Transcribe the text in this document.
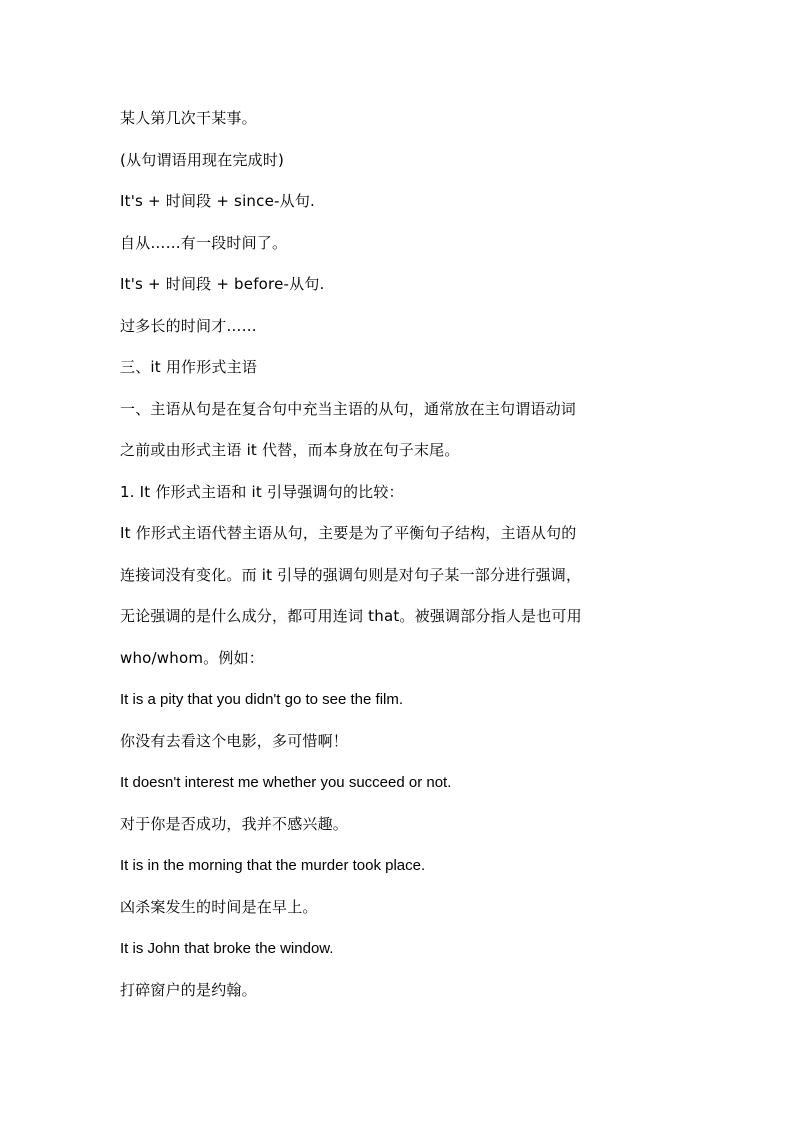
某人第几次干某事。
(从句谓语用现在完成时)
It's + 时间段 + since-从句.
自从……有一段时间了。
It's + 时间段 + before-从句.
过多长的时间才……
三、it 用作形式主语
一、主语从句是在复合句中充当主语的从句，通常放在主句谓语动词
之前或由形式主语 it 代替，而本身放在句子末尾。
1. It 作形式主语和 it 引导强调句的比较：
It 作形式主语代替主语从句，主要是为了平衡句子结构，主语从句的
连接词没有变化。而 it 引导的强调句则是对句子某一部分进行强调，
无论强调的是什么成分，都可用连词 that。被强调部分指人是也可用
who/whom。例如：
It is a pity that you didn't go to see the film.
你没有去看这个电影，多可惜啊！
It doesn't interest me whether you succeed or not.
对于你是否成功，我并不感兴趣。
It is in the morning that the murder took place.
凶杀案发生的时间是在早上。
It is John that broke the window.
打碎窗户的是约翰。
